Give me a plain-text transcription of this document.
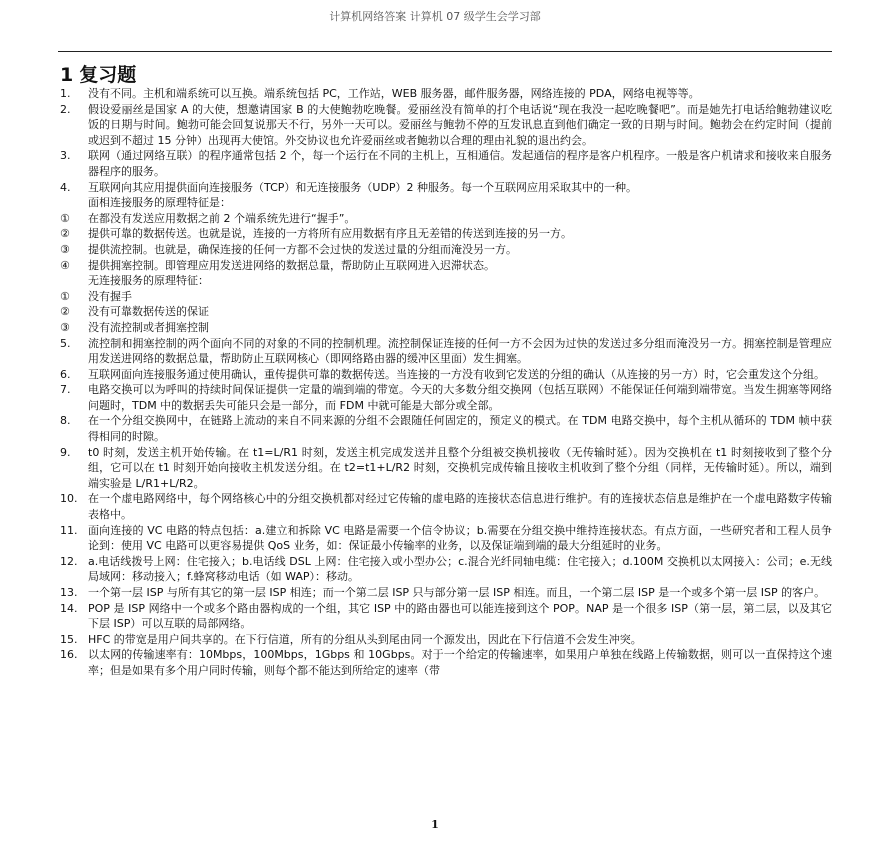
计算机网络答案 计算机 07 级学生会学习部
1 复习题
1.	没有不同。主机和端系统可以互换。端系统包括 PC，工作站，WEB 服务器，邮件服务器，网络连接的 PDA，网络电视等等。
2.	假设爱丽丝是国家 A 的大使，想邀请国家 B 的大使鲍勃吃晚餐。爱丽丝没有简单的打个电话说“现在我没一起吃晚餐吧”。而是她先打电话给鲍勃建议吃饭的日期与时间。鲍勃可能会回复说那天不行，另外一天可以。爱丽丝与鲍勃不停的互发讯息直到他们确定一致的日期与时间。鲍勃会在约定时间（提前或迟到不超过 15 分钟）出现再大使馆。外交协议也允许爱丽丝或者鲍勃以合理的理由礼貌的退出约会。
3.	联网（通过网络互联）的程序通常包括 2 个，每一个运行在不同的主机上，互相通信。发起通信的程序是客户机程序。一般是客户机请求和接收来自服务器程序的服务。
4.	互联网向其应用提供面向连接服务（TCP）和无连接服务（UDP）2 种服务。每一个互联网应用采取其中的一种。
面相连接服务的原理特征是：
①	在都没有发送应用数据之前 2 个端系统先进行“握手”。
②	提供可靠的数据传送。也就是说，连接的一方将所有应用数据有序且无差错的传送到连接的另一方。
③	提供流控制。也就是，确保连接的任何一方都不会过快的发送过量的分组而淹没另一方。
④	提供拥塞控制。即管理应用发送进网络的数据总量，帮助防止互联网进入迟滞状态。
无连接服务的原理特征：
①	没有握手
②	没有可靠数据传送的保证
③	没有流控制或者拥塞控制
5.	流控制和拥塞控制的两个面向不同的对象的不同的控制机理。流控制保证连接的任何一方不会因为过快的发送过多分组而淹没另一方。拥塞控制是管理应用发送进网络的数据总量，帮助防止互联网核心（即网络路由器的缓冲区里面）发生拥塞。
6.	互联网面向连接服务通过使用确认，重传提供可靠的数据传送。当连接的一方没有收到它发送的分组的确认（从连接的另一方）时，它会重发这个分组。
7.	电路交换可以为呼叫的持续时间保证提供一定量的端到端的带宽。今天的大多数分组交换网（包括互联网）不能保证任何端到端带宽。当发生拥塞等网络问题时，TDM 中的数据丢失可能只会是一部分，而 FDM 中就可能是大部分或全部。
8.	在一个分组交换网中，在链路上流动的来自不同来源的分组不会跟随任何固定的，预定义的模式。在 TDM 电路交换中，每个主机从循环的 TDM 帧中获得相同的时隙。
9.	t0 时刻，发送主机开始传输。在 t1=L/R1 时刻，发送主机完成发送并且整个分组被交换机接收（无传输时延）。因为交换机在 t1 时刻接收到了整个分组，它可以在 t1 时刻开始向接收主机发送分组。在 t2=t1+L/R2 时刻，交换机完成传输且接收主机收到了整个分组（同样，无传输时延）。所以，端到端实验是 L/R1+L/R2。
10. 在一个虚电路网络中，每个网络核心中的分组交换机都对经过它传输的虚电路的连接状态信息进行维护。有的连接状态信息是维护在一个虚电路数字传输表格中。
11. 面向连接的 VC 电路的特点包括：a.建立和拆除 VC 电路是需要一个信令协议；b.需要在分组交换中维持连接状态。有点方面，一些研究者和工程人员争论到：使用 VC 电路可以更容易提供 QoS 业务，如：保证最小传输率的业务，以及保证端到端的最大分组延时的业务。
12. a.电话线拨号上网：住宅接入；b.电话线 DSL 上网：住宅接入或小型办公；c.混合光纤同轴电缆：住宅接入；d.100M 交换机以太网接入：公司；e.无线局域网：移动接入；f.蜂窝移动电话（如 WAP）：移动。
13. 一个第一层 ISP 与所有其它的第一层 ISP 相连；而一个第二层 ISP 只与部分第一层 ISP 相连。而且，一个第二层 ISP 是一个或多个第一层 ISP 的客户。
14. POP 是 ISP 网络中一个或多个路由器构成的一个组，其它 ISP 中的路由器也可以能连接到这个 POP。NAP 是一个很多 ISP（第一层，第二层，以及其它下层 ISP）可以互联的局部网络。
15. HFC 的带宽是用户间共享的。在下行信道，所有的分组从头到尾由同一个源发出，因此在下行信道不会发生冲突。
16. 以太网的传输速率有：10Mbps，100Mbps，1Gbps 和 10Gbps。对于一个给定的传输速率，如果用户单独在线路上传输数据，则可以一直保持这个速率；但是如果有多个用户同时传输，则每个都不能达到所给定的速率（带
1
